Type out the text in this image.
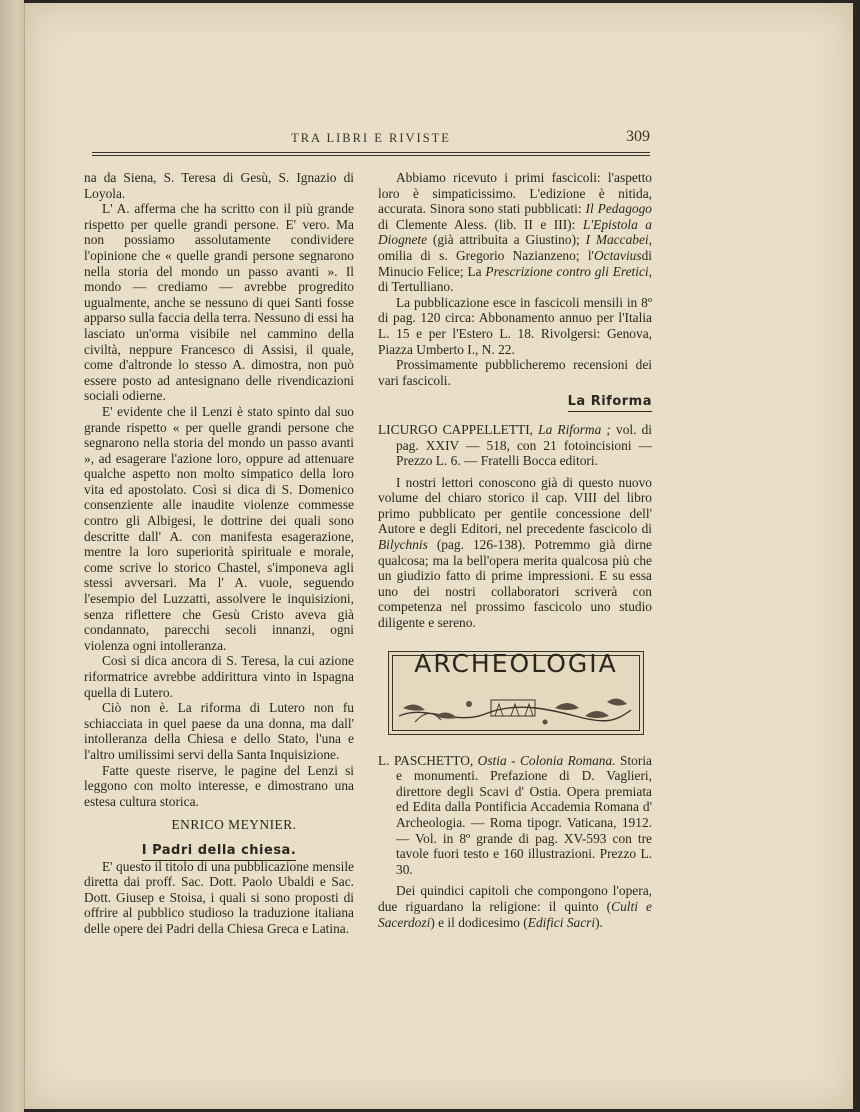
TRA LIBRI E RIVISTE	309

na da Siena, S. Teresa di Gesù, S. Ignazio di Loyola.

L' A. afferma che ha scritto con il più grande rispetto per quelle grandi persone. E' vero. Ma non possiamo assolutamente condividere l'opinione che « quelle grandi persone segnarono nella storia del mondo un passo avanti ». Il mondo — crediamo — avrebbe progredito ugualmente, anche se nessuno di quei Santi fosse apparso sulla faccia della terra. Nessuno di essi ha lasciato un'orma visibile nel cammino della civiltà, neppure Francesco di Assisi, il quale, come d'altronde lo stesso A. dimostra, non può essere posto ad antesignano delle rivendicazioni sociali odierne.

E' evidente che il Lenzi è stato spinto dal suo grande rispetto « per quelle grandi persone che segnarono nella storia del mondo un passo avanti », ad esagerare l'azione loro, oppure ad attenuare qualche aspetto non molto simpatico della loro vita ed apostolato. Così si dica di S. Domenico consenziente alle inaudite violenze commesse contro gli Albigesi, le dottrine dei quali sono descritte dall' A. con manifesta esagerazione, mentre la loro superiorità spirituale e morale, come scrive lo storico Chastel, s'imponeva agli stessi avversari. Ma l' A. vuole, seguendo l'esempio del Luzzatti, assolvere le inquisizioni, senza riflettere che Gesù Cristo aveva già condannato, parecchi secoli innanzi, ogni violenza ogni intolleranza.

Così si dica ancora di S. Teresa, la cui azione riformatrice avrebbe addirittura vinto in Ispagna quella di Lutero.

Ciò non è. La riforma di Lutero non fu schiacciata in quel paese da una donna, ma dall' intolleranza della Chiesa e dello Stato, l'una e l'altro umilissimi servi della Santa Inquisizione.

Fatte queste riserve, le pagine del Lenzi si leggono con molto interesse, e dimostrano una estesa cultura storica.

ENRICO MEYNIER.

I Padri della chiesa.

E' questo il titolo di una pubblicazione mensile diretta dai proff. Sac. Dott. Paolo Ubaldi e Sac. Dott. Giusep e Stoisa, i quali si sono proposti di offrire al pubblico studioso la traduzione italiana delle opere dei Padri della Chiesa Greca e Latina.

Abbiamo ricevuto i primi fascicoli: l'aspetto loro è simpaticissimo. L'edizione è nitida, accurata. Sinora sono stati pubblicati: Il Pedagogo di Clemente Aless. (lib. II e III): L'Epistola a Diognete (già attribuita a Giustino); I Maccabei, omilia di s. Gregorio Nazianzeno; l'Octaviusdi Minucio Felice; La Prescrizione contro gli Eretici, di Tertulliano.

La pubblicazione esce in fascicoli mensili in 8º di pag. 120 circa: Abbonamento annuo per l'Italia L. 15 e per l'Estero L. 18. Rivolgersi: Genova, Piazza Umberto I., N. 22.

Prossimamente pubblicheremo recensioni dei vari fascicoli.

La Riforma

LICURGO CAPPELLETTI, La Riforma ; vol. di pag. XXIV — 518, con 21 fotoincisioni — Prezzo L. 6. — Fratelli Bocca editori.

I nostri lettori conoscono già di questo nuovo volume del chiaro storico il cap. VIII del libro primo pubblicato per gentile concessione dell' Autore e degli Editori, nel precedente fascicolo di Bilychnis (pag. 126-138). Potremmo già dirne qualcosa; ma la bell'opera merita qualcosa più che un giudizio fatto di prime impressioni. E su essa uno dei nostri collaboratori scriverà con competenza nel prossimo fascicolo uno studio diligente e sereno.

ARCHEOLOGIA

L. PASCHETTO, Ostia - Colonia Romana. Storia e monumenti. Prefazione di D. Vaglieri, direttore degli Scavi d' Ostia. Opera premiata ed Edita dalla Pontificia Accademia Romana d' Archeologia. — Roma tipogr. Vaticana, 1912. — Vol. in 8º grande di pag. XV-593 con tre tavole fuori testo e 160 illustrazioni. Prezzo L. 30.

Dei quindici capitoli che compongono l'opera, due riguardano la religione: il quinto (Culti e Sacerdozi) e il dodicesimo (Edifici Sacri).
